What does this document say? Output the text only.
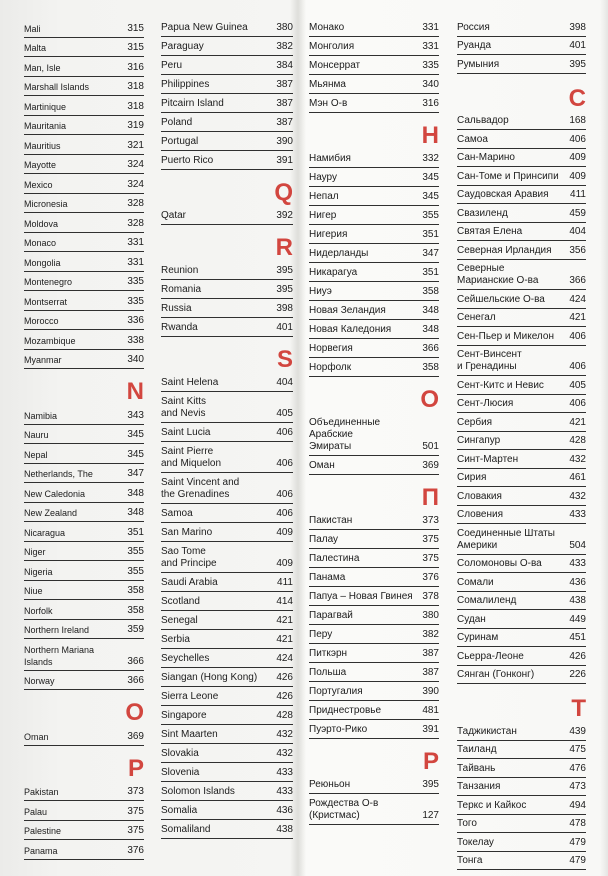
Mali	315
Malta	315
Man, Isle	316
Marshall Islands	318
Martinique	318
Mauritania	319
Mauritius	321
Mayotte	324
Mexico	324
Micronesia	328
Moldova	328
Monaco	331
Mongolia	331
Montenegro	335
Montserrat	335
Morocco	336
Mozambique	338
Myanmar	340
N
Namibia	343
Nauru	345
Nepal	345
Netherlands, The	347
New Caledonia	348
New Zealand	348
Nicaragua	351
Niger	355
Nigeria	355
Niue	358
Norfolk	358
Northern Ireland	359
Northern Mariana
Islands	366
Norway	366
O
Oman	369
P
Pakistan	373
Palau	375
Palestine	375
Panama	376
Papua New Guinea	380
Paraguay	382
Peru	384
Philippines	387
Pitcairn Island	387
Poland	387
Portugal	390
Puerto Rico	391
Q
Qatar	392
R
Reunion	395
Romania	395
Russia	398
Rwanda	401
S
Saint Helena	404
Saint Kitts
and Nevis	405
Saint Lucia	406
Saint Pierre
and Miquelon	406
Saint Vincent and
the Grenadines	406
Samoa	406
San Marino	409
Sao Tome
and Principe	409
Saudi Arabia	411
Scotland	414
Senegal	421
Serbia	421
Seychelles	424
Siangan (Hong Kong)	426
Sierra Leone	426
Singapore	428
Sint Maarten	432
Slovakia	432
Slovenia	433
Solomon Islands	433
Somalia	436
Somaliland	438
Монако	331
Монголия	331
Монсеррат	335
Мьянма	340
Мэн О-в	316
Н
Намибия	332
Науру	345
Непал	345
Нигер	355
Нигерия	351
Нидерланды	347
Никарагуа	351
Ниуэ	358
Новая Зеландия	348
Новая Каледония	348
Норвегия	366
Норфолк	358
О
Объединенные
Арабские
Эмираты	501
Оман	369
П
Пакистан	373
Палау	375
Палестина	375
Панама	376
Папуа – Новая Гвинея 378
Парагвай	380
Перу	382
Питкэрн	387
Польша	387
Португалия	390
Приднестровье	481
Пуэрто-Рико	391
Р
Реюньон	395
Рождества О-в
(Кристмас)	127
Россия	398
Руанда	401
Румыния	395
С
Сальвадор	168
Самоа	406
Сан-Марино	409
Сан-Томе и Принсипи	409
Саудовская Аравия	411
Свазиленд	459
Святая Елена	404
Северная Ирландия	356
Северные
Марианские О-ва	366
Сейшельские О-ва	424
Сенегал	421
Сен-Пьер и Микелон	406
Сент-Винсент
и Гренадины	406
Сент-Китс и Невис	405
Сент-Люсия	406
Сербия	421
Сингапур	428
Синт-Мартен	432
Сирия	461
Словакия	432
Словения	433
Соединенные Штаты
Америки	504
Соломоновы О-ва	433
Сомали	436
Сомалиленд	438
Судан	449
Суринам	451
Сьерра-Леоне	426
Сянган (Гонконг)	226
Т
Таджикистан	439
Таиланд	475
Тайвань	476
Танзания	473
Теркс и Кайкос	494
Того	478
Токелау	479
Тонга	479
